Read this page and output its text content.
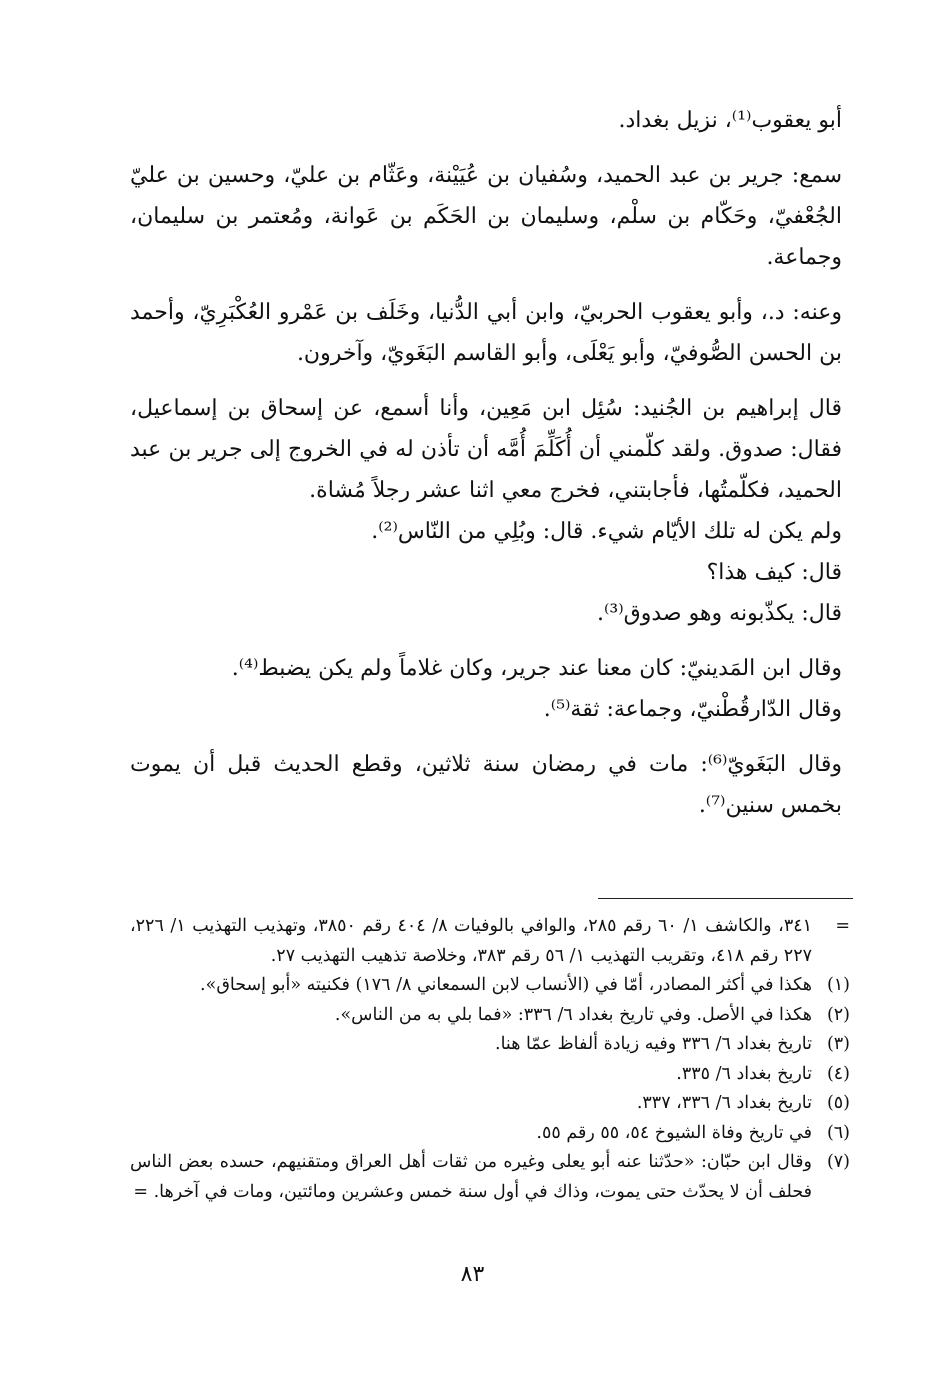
أبو يعقوب⁽¹⁾، نزيل بغداد.

سمع: جرير بن عبد الحميد، وسُفيان بن عُيَيْنة، وعَثّام بن عليّ، وحسين بن عليّ الجُعْفيّ، وحَكّام بن سلْم، وسليمان بن الحَكَم بن عَوانة، ومُعتمر بن سليمان، وجماعة.

وعنه: د.، وأبو يعقوب الحربيّ، وابن أبي الدُّنيا، وخَلَف بن عَمْرو العُكْبَرِيّ، وأحمد بن الحسن الصُّوفيّ، وأبو يَعْلَى، وأبو القاسم البَغَويّ، وآخرون.

قال إبراهيم بن الجُنيد: سُئِل ابن مَعِين، وأنا أسمع، عن إسحاق بن إسماعيل، فقال: صدوق. ولقد كلّمني أن أُكَلِّمَ أُمَّه أن تأذن له في الخروج إلى جرير بن عبد الحميد، فكلّمتُها، فأجابتني، فخرج معي اثنا عشر رجلاً مُشاة.

ولم يكن له تلك الأيّام شيء. قال: وبُلِي من النّاس⁽²⁾.

قال: كيف هذا؟

قال: يكذّبونه وهو صدوق⁽³⁾.

وقال ابن المَدينيّ: كان معنا عند جرير، وكان غلاماً ولم يكن يضبط⁽⁴⁾.

وقال الدّارقُطْنيّ، وجماعة: ثقة⁽⁵⁾.

وقال البَغَويّ⁽⁶⁾: مات في رمضان سنة ثلاثين، وقطع الحديث قبل أن يموت بخمس سنين⁽⁷⁾.

=
٣٤١، والكاشف ١/ ٦٠ رقم ٢٨٥، والوافي بالوفيات ٨/ ٤٠٤ رقم ٣٨٥٠، وتهذيب التهذيب ١/ ٢٢٦، ٢٢٧ رقم ٤١٨، وتقريب التهذيب ١/ ٥٦ رقم ٣٨٣، وخلاصة تذهيب التهذيب ٢٧.
(١)
هكذا في أكثر المصادر، أمّا في (الأنساب لابن السمعاني ٨/ ١٧٦) فكنيته «أبو إسحاق».
(٢)
هكذا في الأصل. وفي تاريخ بغداد ٦/ ٣٣٦: «فما بلي به من الناس».
(٣)
تاريخ بغداد ٦/ ٣٣٦ وفيه زيادة ألفاظ عمّا هنا.
(٤)
تاريخ بغداد ٦/ ٣٣٥.
(٥)
تاريخ بغداد ٦/ ٣٣٦، ٣٣٧.
(٦)
في تاريخ وفاة الشيوخ ٥٤، ٥٥ رقم ٥٥.
(٧)
وقال ابن حبّان: «حدّثنا عنه أبو يعلى وغيره من ثقات أهل العراق ومتقنيهم، حسده بعض الناس فحلف أن لا يحدّث حتى يموت، وذاك في أول سنة خمس وعشرين ومائتين، ومات في آخرها. =
٨٣
